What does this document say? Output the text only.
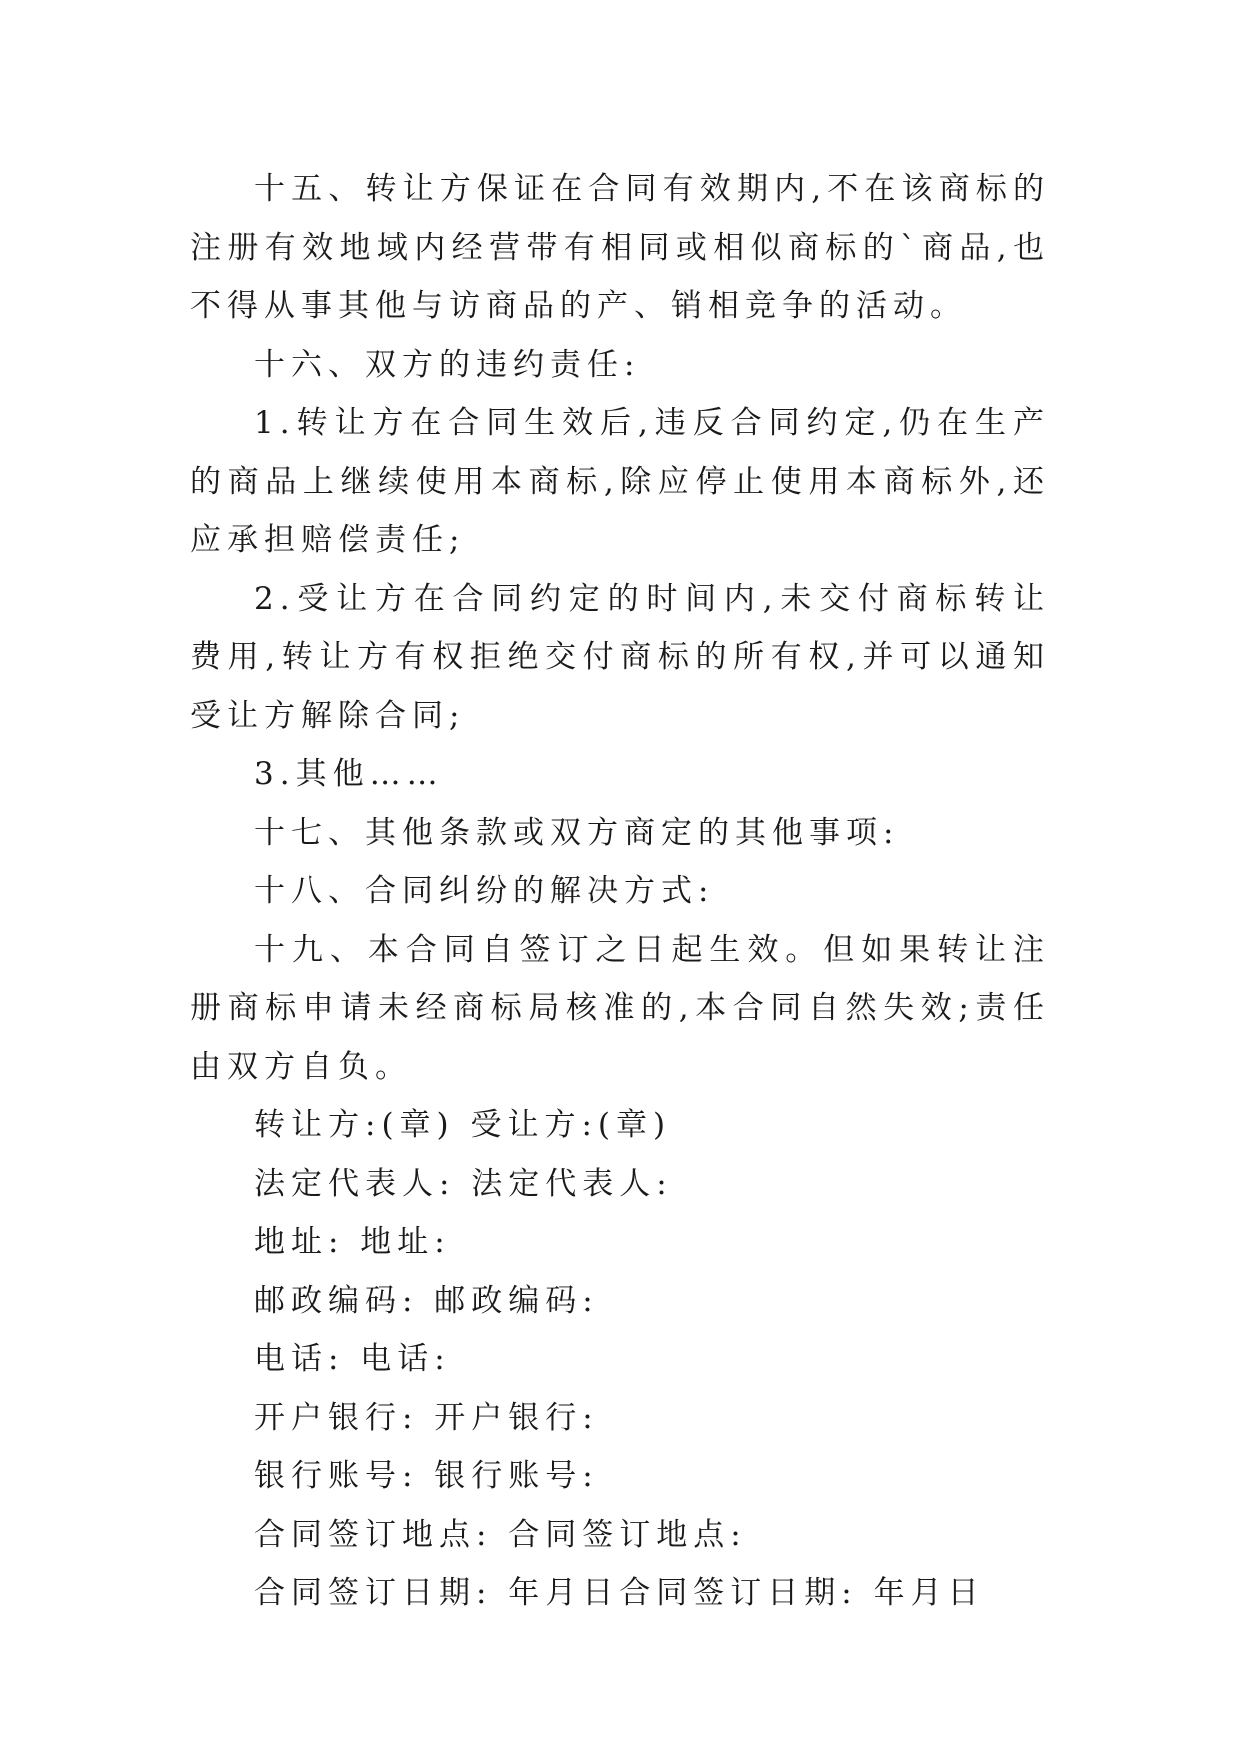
十五、转让方保证在合同有效期内,不在该商标的注册有效地域内经营带有相同或相似商标的`商品,也不得从事其他与访商品的产、销相竞争的活动。

十六、双方的违约责任:

1.转让方在合同生效后,违反合同约定,仍在生产的商品上继续使用本商标,除应停止使用本商标外,还应承担赔偿责任;

2.受让方在合同约定的时间内,未交付商标转让费用,转让方有权拒绝交付商标的所有权,并可以通知受让方解除合同;

3.其他……

十七、其他条款或双方商定的其他事项:

十八、合同纠纷的解决方式:

十九、本合同自签订之日起生效。但如果转让注册商标申请未经商标局核准的,本合同自然失效;责任由双方自负。

转让方:(章) 受让方:(章)

法定代表人: 法定代表人:

地址: 地址:

邮政编码: 邮政编码:

电话: 电话:

开户银行: 开户银行:

银行账号: 银行账号:

合同签订地点: 合同签订地点:

合同签订日期: 年月日合同签订日期: 年月日
